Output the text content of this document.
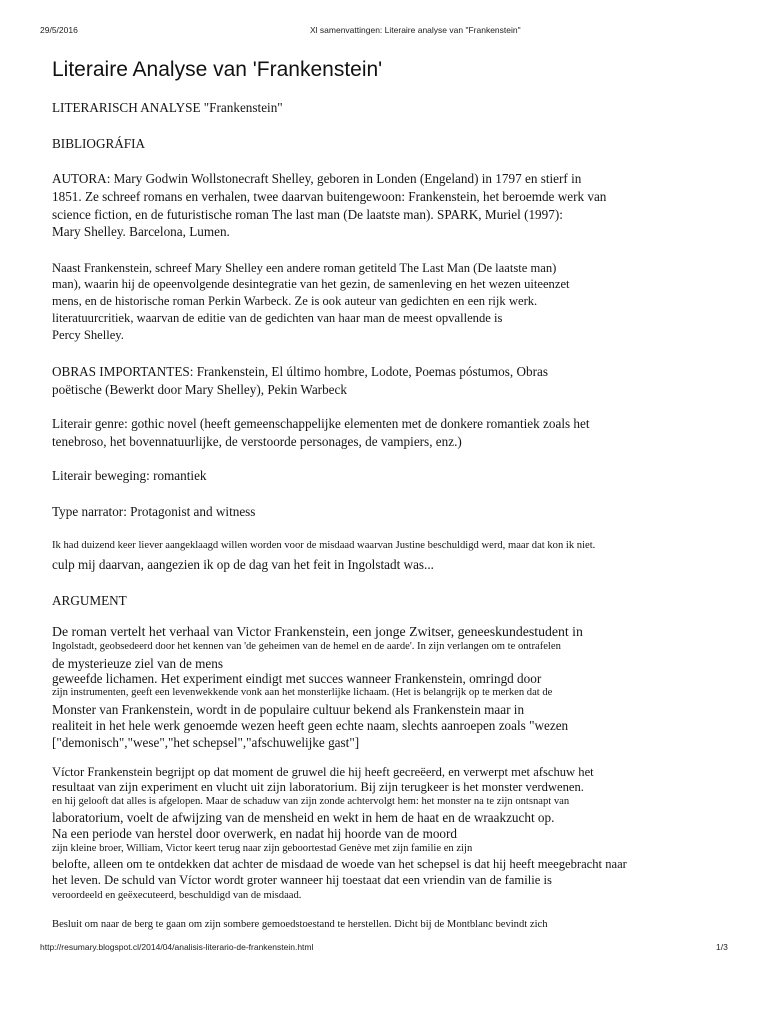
29/5/2016	Xl samenvattingen: Literaire analyse van "Frankenstein"
Literaire Analyse van 'Frankenstein'
LITERARISCH ANALYSE "Frankenstein"
BIBLIOGRÁFIA
AUTORA: Mary Godwin Wollstonecraft Shelley, geboren in Londen (Engeland) in 1797 en stierf in
1851. Ze schreef romans en verhalen, twee daarvan buitengewoon: Frankenstein, het beroemde werk van
science fiction, en de futuristische roman The last man (De laatste man). SPARK, Muriel (1997):
Mary Shelley. Barcelona, Lumen.
Naast Frankenstein, schreef Mary Shelley een andere roman getiteld The Last Man (De laatste man)
man), waarin hij de opeenvolgende desintegratie van het gezin, de samenleving en het wezen uiteenzet
mens, en de historische roman Perkin Warbeck. Ze is ook auteur van gedichten en een rijk werk.
literatuurcritiek, waarvan de editie van de gedichten van haar man de meest opvallende is
Percy Shelley.
OBRAS IMPORTANTES: Frankenstein, El último hombre, Lodote, Poemas póstumos, Obras
poëtische (Bewerkt door Mary Shelley), Pekin Warbeck
Literair genre: gothic novel (heeft gemeenschappelijke elementen met de donkere romantiek zoals het
tenebroso, het bovennatuurlijke, de verstoorde personages, de vampiers, enz.)
Literair beweging: romantiek
Type narrator: Protagonist and witness
Ik had duizend keer liever aangeklaagd willen worden voor de misdaad waarvan Justine beschuldigd werd, maar dat kon ik niet.
culp mij daarvan, aangezien ik op de dag van het feit in Ingolstadt was...
ARGUMENT
De roman vertelt het verhaal van Victor Frankenstein, een jonge Zwitser, geneeskundestudent in
Ingolstadt, geobsedeerd door het kennen van 'de geheimen van de hemel en de aarde'. In zijn verlangen om te ontrafelen
de mysterieuze ziel van de mens
geweefde lichamen. Het experiment eindigt met succes wanneer Frankenstein, omringd door
zijn instrumenten, geeft een levenwekkende vonk aan het monsterlijke lichaam. (Het is belangrijk op te merken dat de
Monster van Frankenstein, wordt in de populaire cultuur bekend als Frankenstein maar in
realiteit in het hele werk genoemde wezen heeft geen echte naam, slechts aanroepen zoals "wezen
["demonisch","wese","het schepsel","afschuwelijke gast"]
Víctor Frankenstein begrijpt op dat moment de gruwel die hij heeft gecreëerd, en verwerpt met afschuw het
resultaat van zijn experiment en vlucht uit zijn laboratorium. Bij zijn terugkeer is het monster verdwenen.
en hij gelooft dat alles is afgelopen. Maar de schaduw van zijn zonde achtervolgt hem: het monster na te zijn ontsnapt van
laboratorium, voelt de afwijzing van de mensheid en wekt in hem de haat en de wraakzucht op.
Na een periode van herstel door overwerk, en nadat hij hoorde van de moord
zijn kleine broer, William, Victor keert terug naar zijn geboortestad Genève met zijn familie en zijn
belofte, alleen om te ontdekken dat achter de misdaad de woede van het schepsel is dat hij heeft meegebracht naar
het leven. De schuld van Víctor wordt groter wanneer hij toestaat dat een vriendin van de familie is
veroordeeld en geëxecuteerd, beschuldigd van de misdaad.
Besluit om naar de berg te gaan om zijn sombere gemoedstoestand te herstellen. Dicht bij de Montblanc bevindt zich
http://resumary.blogspot.cl/2014/04/analisis-literario-de-frankenstein.html	1/3
